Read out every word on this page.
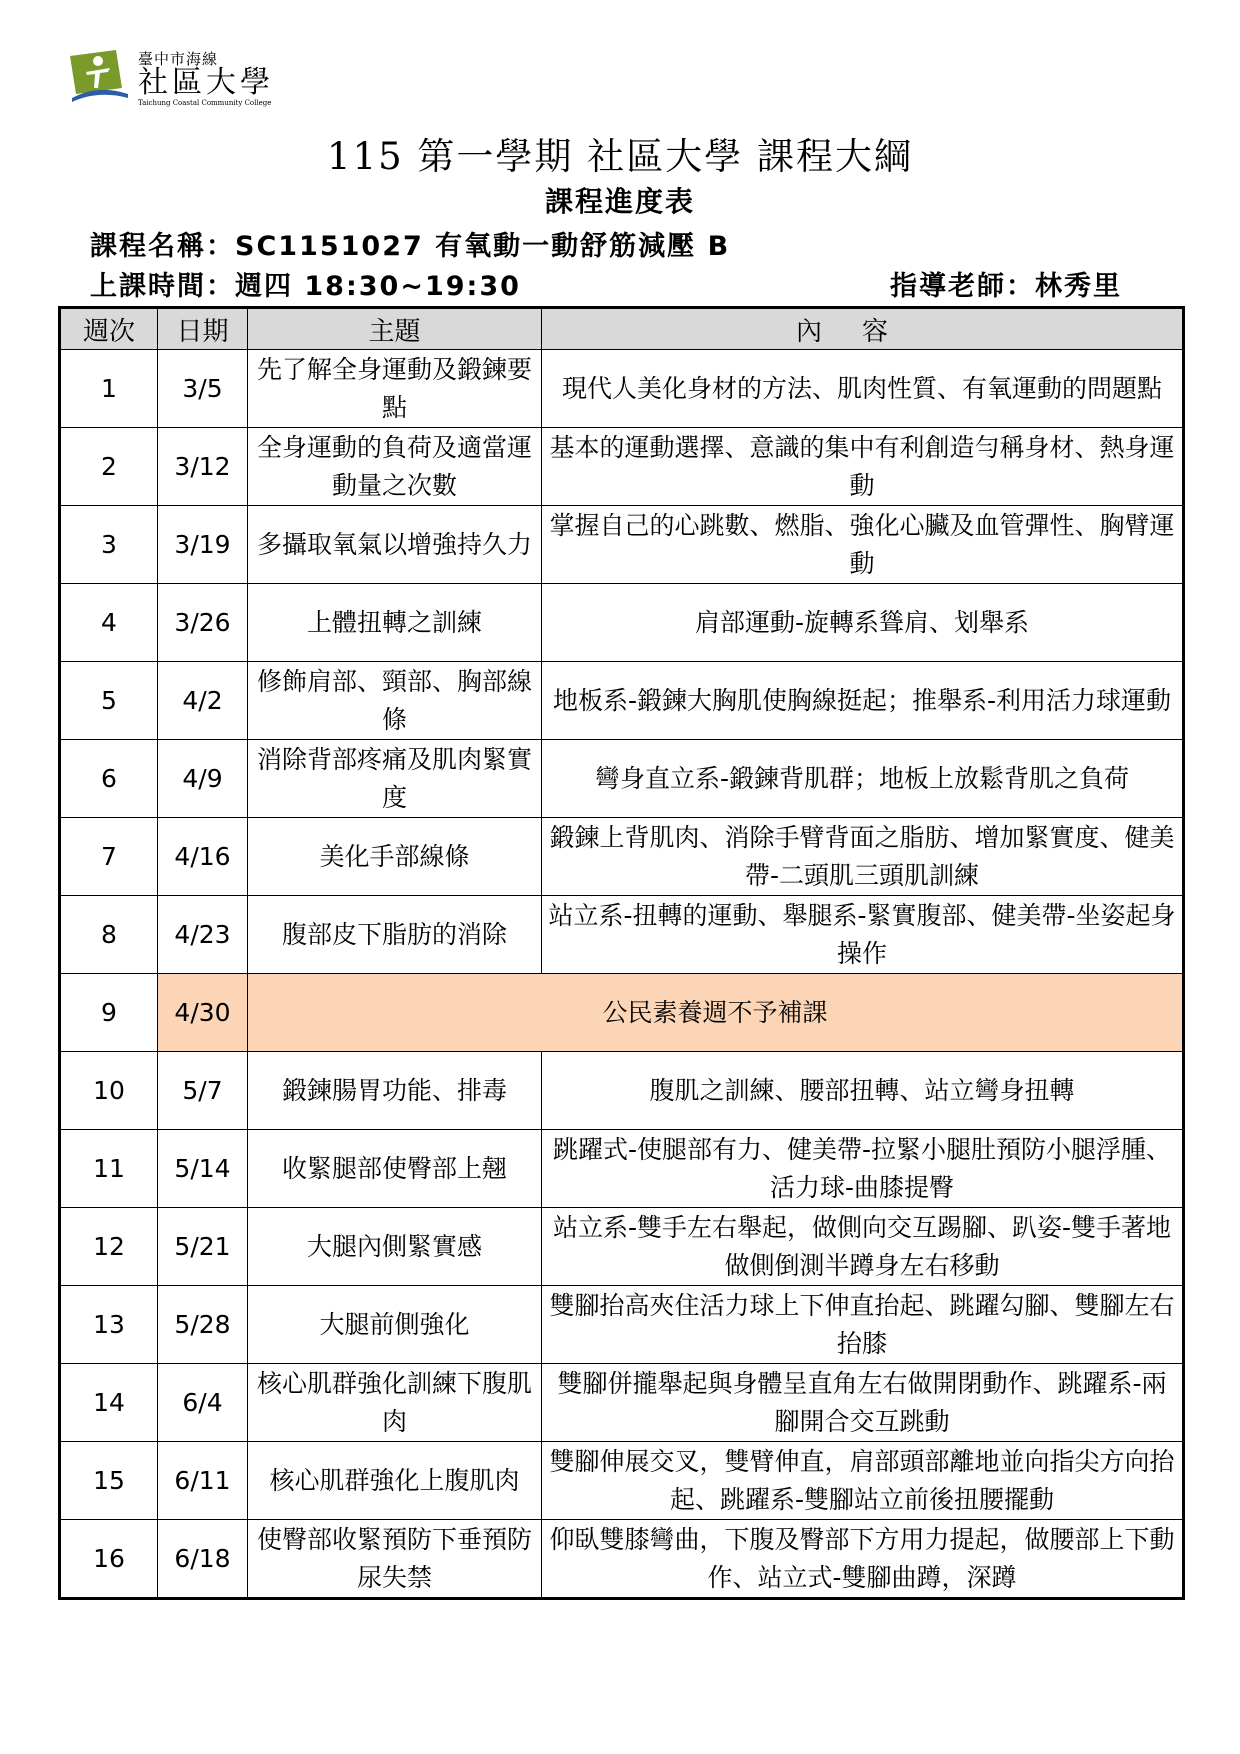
臺中市海線
社區大學
Taichung Coastal Community College
115 第一學期 社區大學 課程大綱
課程進度表
課程名稱：SC1151027 有氧動一動舒筋減壓 B
上課時間：週四 18:30~19:30	指導老師：林秀里
週次	日期	主題	內容
1	3/5	先了解全身運動及鍛鍊要點	現代人美化身材的方法、肌肉性質、有氧運動的問題點
2	3/12	全身運動的負荷及適當運動量之次數	基本的運動選擇、意識的集中有利創造勻稱身材、熱身運動
3	3/19	多攝取氧氣以增強持久力	掌握自己的心跳數、燃脂、強化心臟及血管彈性、胸臂運動
4	3/26	上體扭轉之訓練	肩部運動-旋轉系聳肩、划舉系
5	4/2	修飾肩部、頸部、胸部線條	地板系-鍛鍊大胸肌使胸線挺起；推舉系-利用活力球運動
6	4/9	消除背部疼痛及肌肉緊實度	彎身直立系-鍛鍊背肌群；地板上放鬆背肌之負荷
7	4/16	美化手部線條	鍛鍊上背肌肉、消除手臂背面之脂肪、增加緊實度、健美帶-二頭肌三頭肌訓練
8	4/23	腹部皮下脂肪的消除	站立系-扭轉的運動、舉腿系-緊實腹部、健美帶-坐姿起身操作
9	4/30	公民素養週不予補課	
10	5/7	鍛鍊腸胃功能、排毒	腹肌之訓練、腰部扭轉、站立彎身扭轉
11	5/14	收緊腿部使臀部上翹	跳躍式-使腿部有力、健美帶-拉緊小腿肚預防小腿浮腫、活力球-曲膝提臀
12	5/21	大腿內側緊實感	站立系-雙手左右舉起，做側向交互踢腳、趴姿-雙手著地做側倒測半蹲身左右移動
13	5/28	大腿前側強化	雙腳抬高夾住活力球上下伸直抬起、跳躍勾腳、雙腳左右抬膝
14	6/4	核心肌群強化訓練下腹肌肉	雙腳併攏舉起與身體呈直角左右做開閉動作、跳躍系-兩腳開合交互跳動
15	6/11	核心肌群強化上腹肌肉	雙腳伸展交叉，雙臂伸直，肩部頭部離地並向指尖方向抬起、跳躍系-雙腳站立前後扭腰擺動
16	6/18	使臀部收緊預防下垂預防尿失禁	仰臥雙膝彎曲，下腹及臀部下方用力提起，做腰部上下動作、站立式-雙腳曲蹲，深蹲
